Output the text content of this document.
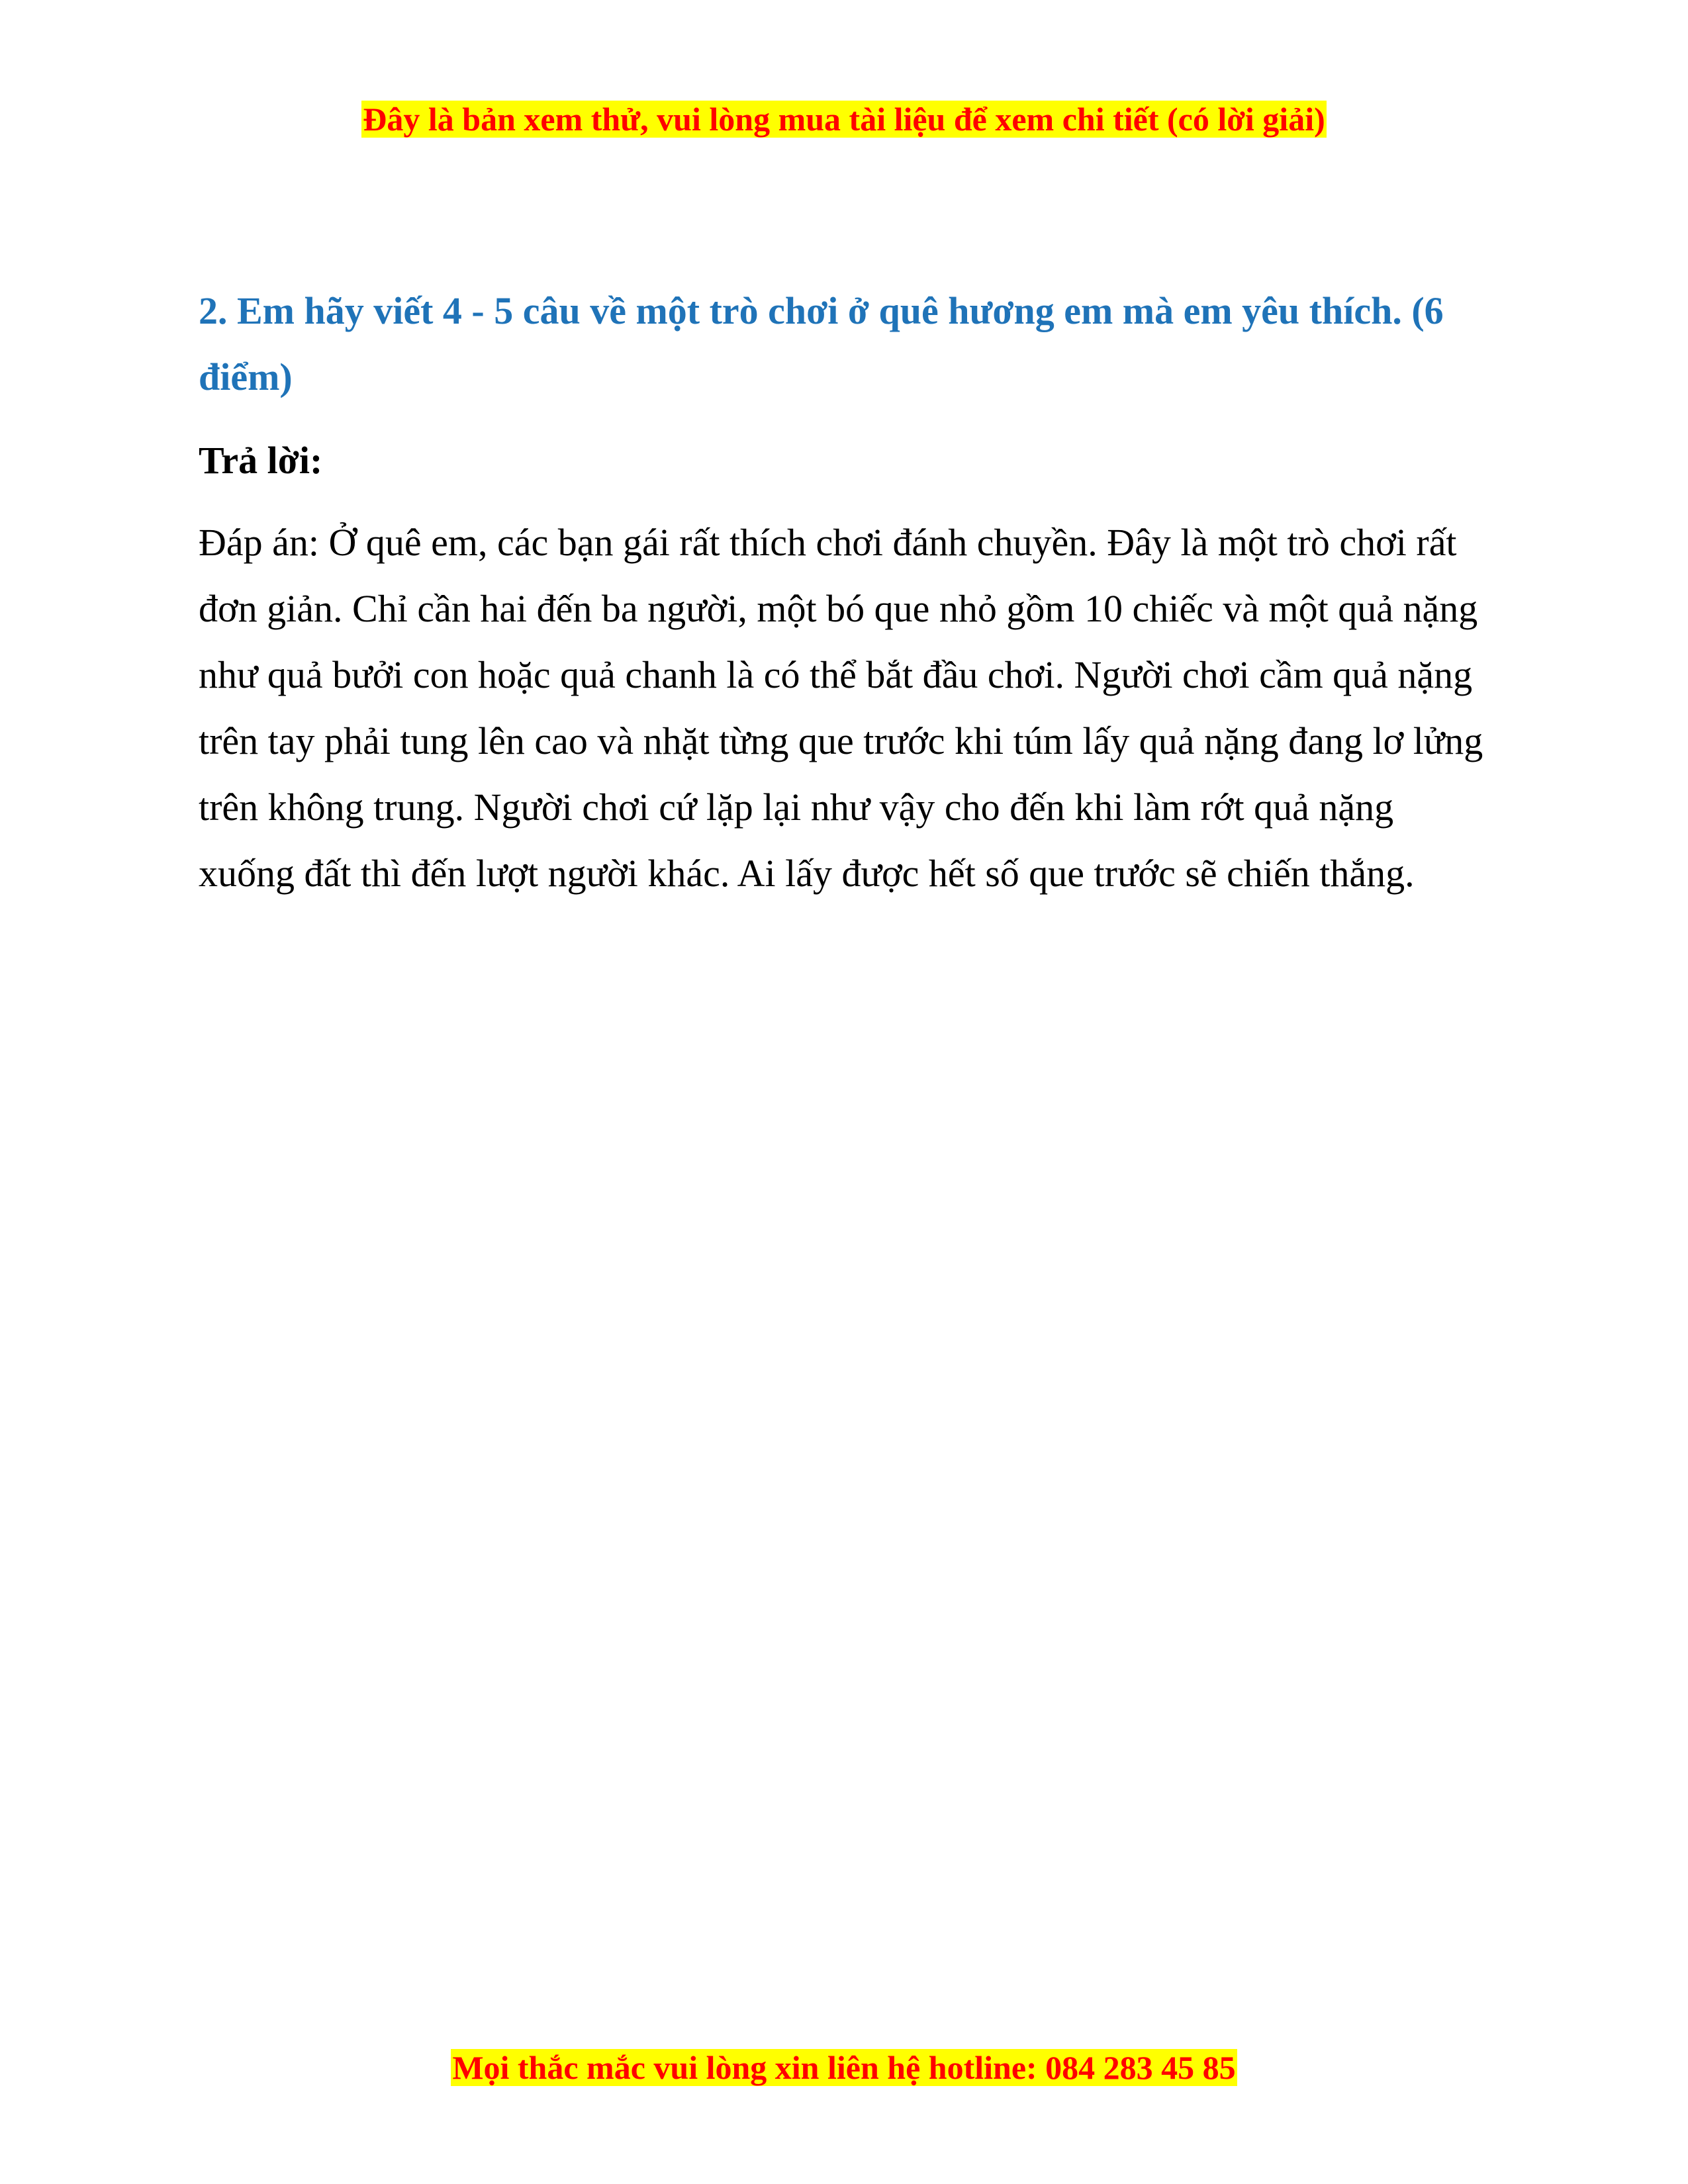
Đây là bản xem thử, vui lòng mua tài liệu để xem chi tiết (có lời giải)

2. Em hãy viết 4 - 5 câu về một trò chơi ở quê hương em mà em yêu thích. (6 điểm)

Trả lời:

Đáp án: Ở quê em, các bạn gái rất thích chơi đánh chuyền. Đây là một trò chơi rất đơn giản. Chỉ cần hai đến ba người, một bó que nhỏ gồm 10 chiếc và một quả nặng như quả bưởi con hoặc quả chanh là có thể bắt đầu chơi. Người chơi cầm quả nặng trên tay phải tung lên cao và nhặt từng que trước khi túm lấy quả nặng đang lơ lửng trên không trung. Người chơi cứ lặp lại như vậy cho đến khi làm rớt quả nặng xuống đất thì đến lượt người khác. Ai lấy được hết số que trước sẽ chiến thắng.

Mọi thắc mắc vui lòng xin liên hệ hotline: 084 283 45 85
